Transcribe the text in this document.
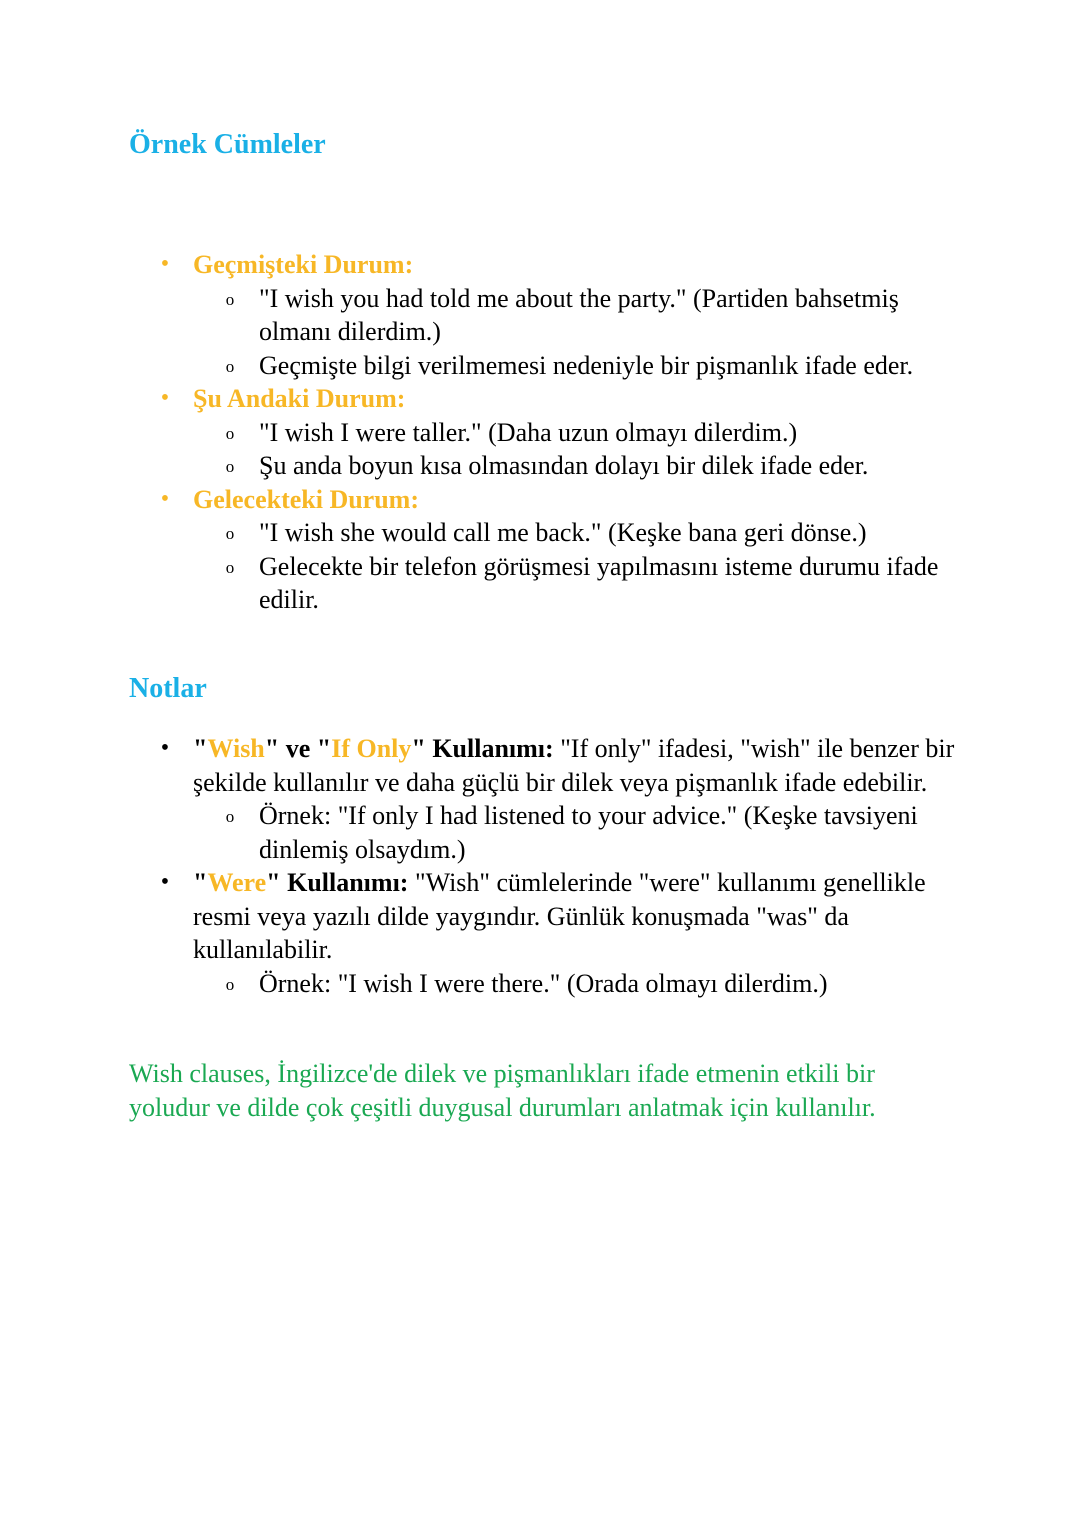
Örnek Cümleler
• Geçmişteki Durum:
o "I wish you had told me about the party." (Partiden bahsetmiş olmanı dilerdim.)
o Geçmişte bilgi verilmemesi nedeniyle bir pişmanlık ifade eder.
• Şu Andaki Durum:
o "I wish I were taller." (Daha uzun olmayı dilerdim.)
o Şu anda boyun kısa olmasından dolayı bir dilek ifade eder.
• Gelecekteki Durum:
o "I wish she would call me back." (Keşke bana geri dönse.)
o Gelecekte bir telefon görüşmesi yapılmasını isteme durumu ifade edilir.
Notlar
• "Wish" ve "If Only" Kullanımı: "If only" ifadesi, "wish" ile benzer bir şekilde kullanılır ve daha güçlü bir dilek veya pişmanlık ifade edebilir.
o Örnek: "If only I had listened to your advice." (Keşke tavsiyeni dinlemiş olsaydım.)
• "Were" Kullanımı: "Wish" cümlelerinde "were" kullanımı genellikle resmi veya yazılı dilde yaygındır. Günlük konuşmada "was" da kullanılabilir.
o Örnek: "I wish I were there." (Orada olmayı dilerdim.)

Wish clauses, İngilizce'de dilek ve pişmanlıkları ifade etmenin etkili bir yoludur ve dilde çok çeşitli duygusal durumları anlatmak için kullanılır.
